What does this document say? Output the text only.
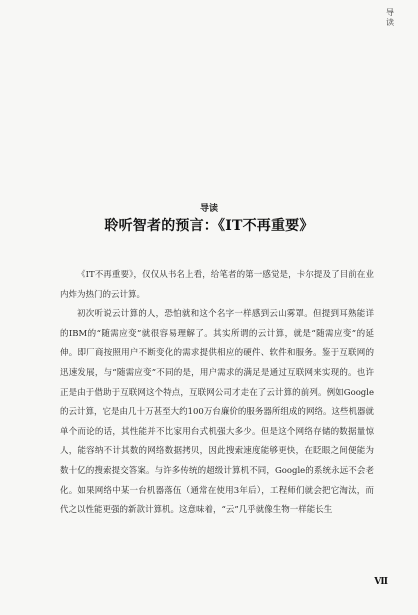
导读
导读
聆听智者的预言：《IT不再重要》

《IT不再重要》，仅仅从书名上看，给笔者的第一感觉是，卡尔提及了目前在业内炸为热门的云计算。

初次听说云计算的人，恐怕就和这个名字一样感到云山雾罩。但提到耳熟能详的IBM的“随需应变”就很容易理解了。其实所谓的云计算，就是“随需应变”的延伸。即厂商按照用户不断变化的需求提供相应的硬件、软件和服务。鉴于互联网的迅速发展，与“随需应变”不同的是，用户需求的满足是通过互联网来实现的。也许正是由于借助于互联网这个特点，互联网公司才走在了云计算的前列。例如Google的云计算，它是由几十万甚至大约100万台廉价的服务器所组成的网络。这些机器就单个而论的话，其性能并不比家用台式机强大多少。但是这个网络存储的数据量惊人，能容纳不计其数的网络数据拷贝，因此搜索速度能够更快，在眨眼之间便能为数十亿的搜索提交答案。与许多传统的超级计算机不同，Google的系统永远不会老化。如果网络中某一台机器落伍（通常在使用3年后），工程师们就会把它淘汰，而代之以性能更强的新款计算机。这意味着，“云”几乎就像生物一样能长生

Ⅶ
